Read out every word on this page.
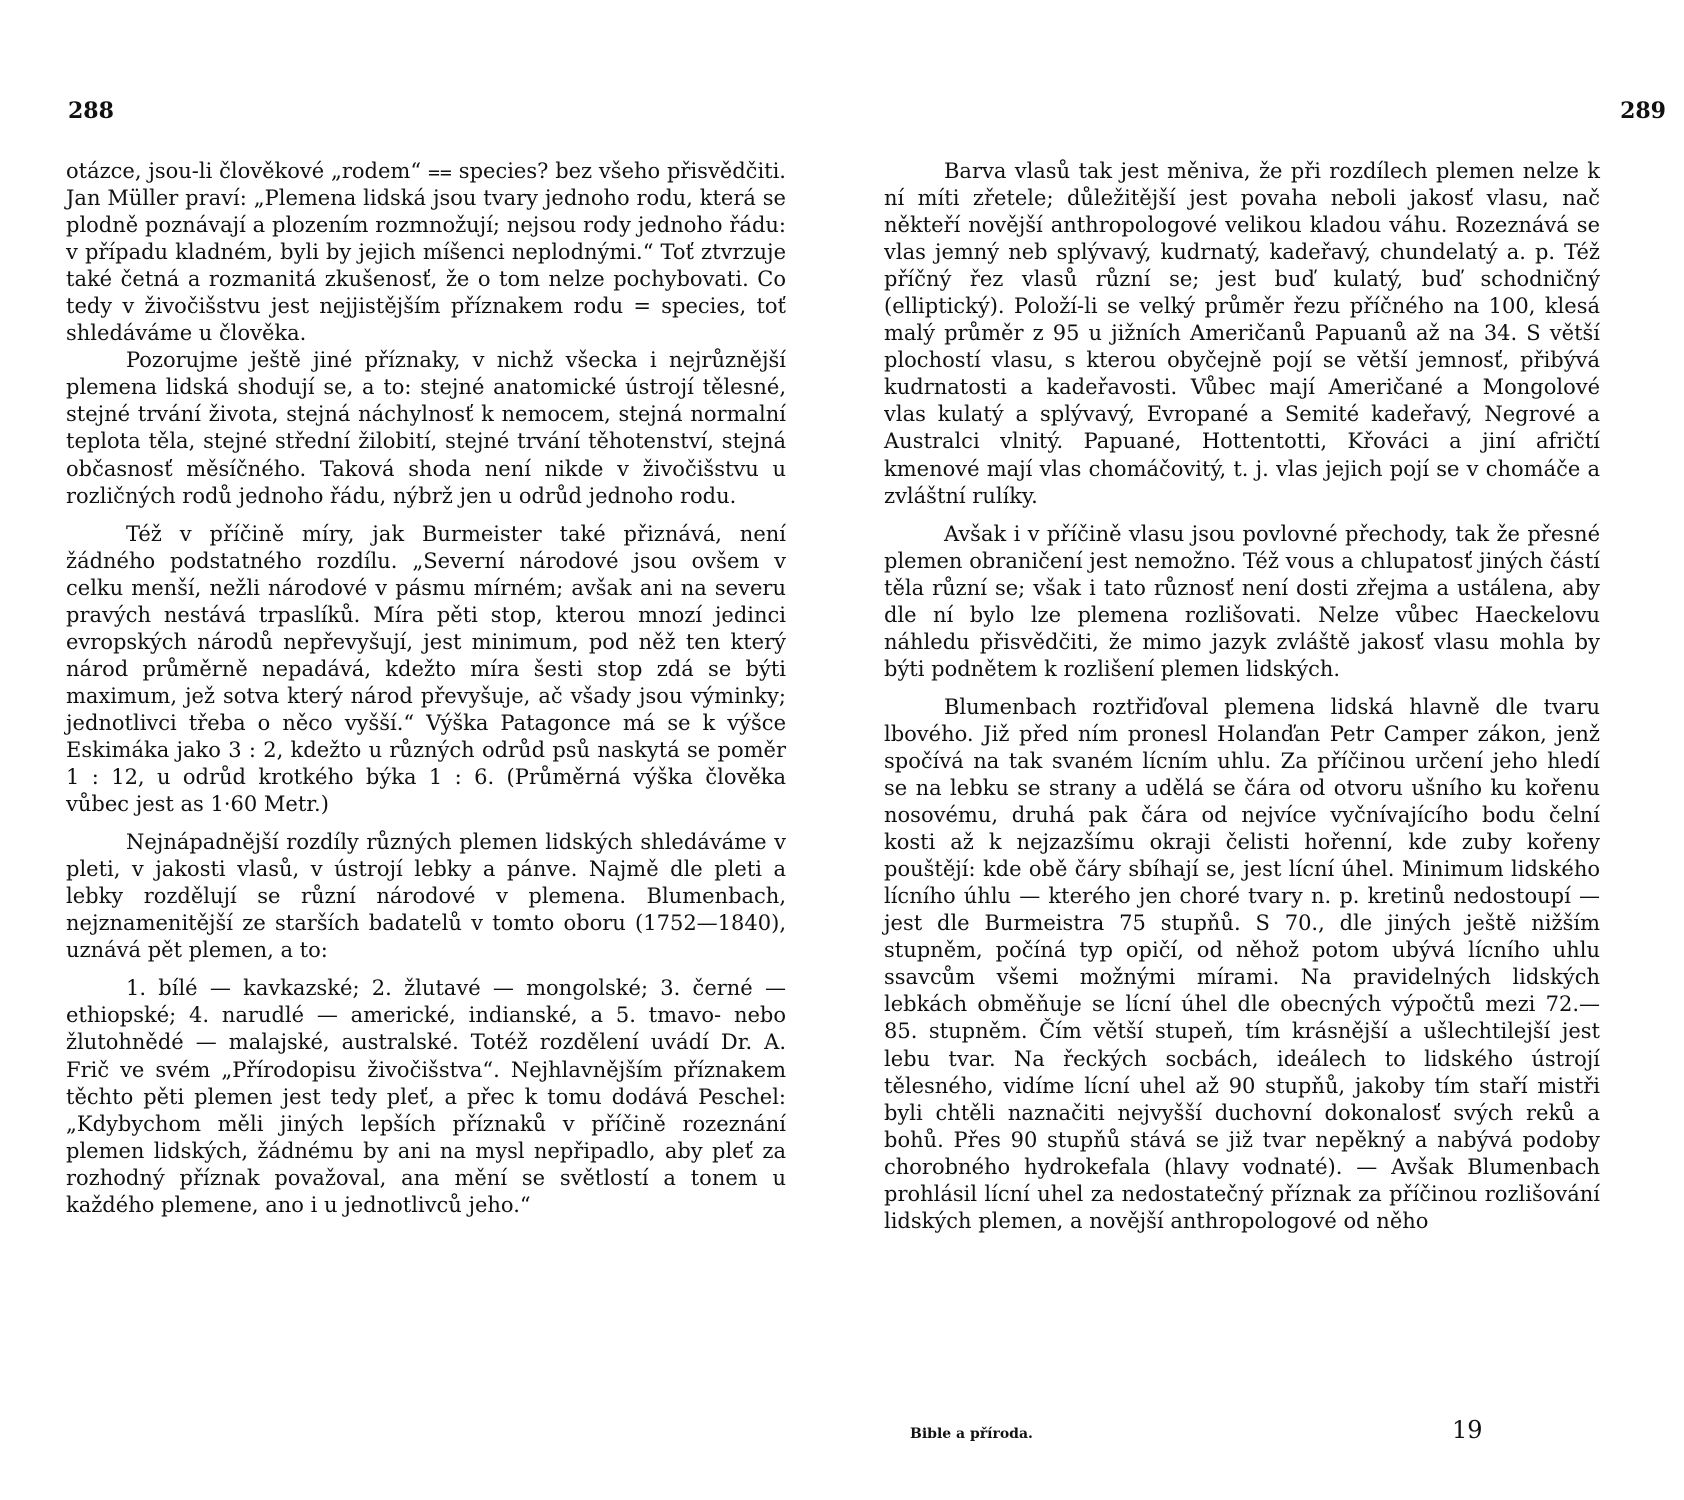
288

otázce, jsou-li člověkové „rodem“ ⩵ species? bez všeho přisvědčiti. Jan Müller praví: „Plemena lidská jsou tvary jednoho rodu, která se plodně poznávají a plozením rozmnožují; nejsou rody jednoho řádu: v případu kladném, byli by jejich míšenci neplodnými.“ Toť ztvrzuje také četná a rozmanitá zkušenosť, že o tom nelze pochybovati. Co tedy v živočišstvu jest nejjistějším příznakem rodu = species, toť shledáváme u člověka.

Pozorujme ještě jiné příznaky, v nichž všecka i nejrůznější plemena lidská shodují se, a to: stejné anatomické ústrojí tělesné, stejné trvání života, stejná náchylnosť k nemocem, stejná normalní teplota těla, stejné střední žilobití, stejné trvání těhotenství, stejná občasnosť měsíčného. Taková shoda není nikde v živočišstvu u rozličných rodů jednoho řádu, nýbrž jen u odrůd jednoho rodu.

Též v příčině míry, jak Burmeister také přiznává, není žádného podstatného rozdílu. „Severní národové jsou ovšem v celku menší, nežli národové v pásmu mírném; avšak ani na severu pravých nestává trpaslíků. Míra pěti stop, kterou mnozí jedinci evropských národů nepřevyšují, jest minimum, pod něž ten který národ průměrně nepadává, kdežto míra šesti stop zdá se býti maximum, jež sotva který národ převyšuje, ač všady jsou výminky; jednotlivci třeba o něco vyšší.“ Výška Patagonce má se k výšce Eskimáka jako 3 : 2, kdežto u různých odrůd psů naskytá se poměr 1 : 12, u odrůd krotkého býka 1 : 6. (Průměrná výška člověka vůbec jest as 1·60 Metr.)

Nejnápadnější rozdíly různých plemen lidských shledáváme v pleti, v jakosti vlasů, v ústrojí lebky a pánve. Najmě dle pleti a lebky rozdělují se různí národové v plemena. Blumenbach, nejznamenitější ze starších badatelů v tomto oboru (1752—1840), uznává pět plemen, a to:

1. bílé — kavkazské; 2. žlutavé — mongolské; 3. černé — ethiopské; 4. narudlé — americké, indianské, a 5. tmavo- nebo žlutohnědé — malajské, australské. Totéž rozdělení uvádí Dr. A. Frič ve svém „Přírodopisu živočišstva“. Nejhlavnějším příznakem těchto pěti plemen jest tedy pleť, a přec k tomu dodává Peschel: „Kdybychom měli jiných lepších příznaků v příčině rozeznání plemen lidských, žádnému by ani na mysl nepřipadlo, aby pleť za rozhodný příznak považoval, ana mění se světlostí a tonem u každého plemene, ano i u jednotlivců jeho.“

289

Barva vlasů tak jest měniva, že při rozdílech plemen nelze k ní míti zřetele; důležitější jest povaha neboli jakosť vlasu, nač někteří novější anthropologové velikou kladou váhu. Rozeznává se vlas jemný neb splývavý, kudrnatý, kadeřavý, chundelatý a. p. Též příčný řez vlasů různí se; jest buď kulatý, buď schodničný (elliptický). Položí-li se velký průměr řezu příčného na 100, klesá malý průměr z 95 u jižních Američanů Papuanů až na 34. S větší plochostí vlasu, s kterou obyčejně pojí se větší jemnosť, přibývá kudrnatosti a kadeřavosti. Vůbec mají Američané a Mongolové vlas kulatý a splývavý, Evropané a Semité kadeřavý, Negrové a Australci vlnitý. Papuané, Hottentotti, Křováci a jiní afričtí kmenové mají vlas chomáčovitý, t. j. vlas jejich pojí se v chomáče a zvláštní rulíky.

Avšak i v příčině vlasu jsou povlovné přechody, tak že přesné plemen obraničení jest nemožno. Též vous a chlupatosť jiných částí těla různí se; však i tato různosť není dosti zřejma a ustálena, aby dle ní bylo lze plemena rozlišovati. Nelze vůbec Haeckelovu náhledu přisvědčiti, že mimo jazyk zvláště jakosť vlasu mohla by býti podnětem k rozlišení plemen lidských.

Blumenbach roztřiďoval plemena lidská hlavně dle tvaru lbového. Již před ním pronesl Holanďan Petr Camper zákon, jenž spočívá na tak svaném lícním uhlu. Za příčinou určení jeho hledí se na lebku se strany a udělá se čára od otvoru ušního ku kořenu nosovému, druhá pak čára od nejvíce vyčnívajícího bodu čelní kosti až k nejzazšímu okraji čelisti hořenní, kde zuby kořeny pouštějí: kde obě čáry sbíhají se, jest lícní úhel. Minimum lidského lícního úhlu — kterého jen choré tvary n. p. kretinů nedostoupí — jest dle Burmeistra 75 stupňů. S 70., dle jiných ještě nižším stupněm, počíná typ opičí, od něhož potom ubývá lícního uhlu ssavcům všemi možnými mírami. Na pravidelných lidských lebkách obměňuje se lícní úhel dle obecných výpočtů mezi 72.—85. stupněm. Čím větší stupeň, tím krásnější a ušlechtilejší jest lebu tvar. Na řeckých socbách, ideálech to lidského ústrojí tělesného, vidíme lícní uhel až 90 stupňů, jakoby tím staří mistři byli chtěli naznačiti nejvyšší duchovní dokonalosť svých reků a bohů. Přes 90 stupňů stává se již tvar nepěkný a nabývá podoby chorobného hydrokefala (hlavy vodnaté). — Avšak Blumenbach prohlásil lícní uhel za nedostatečný příznak za příčinou rozlišování lidských plemen, a novější anthropologové od něho

Bible a příroda.	19
